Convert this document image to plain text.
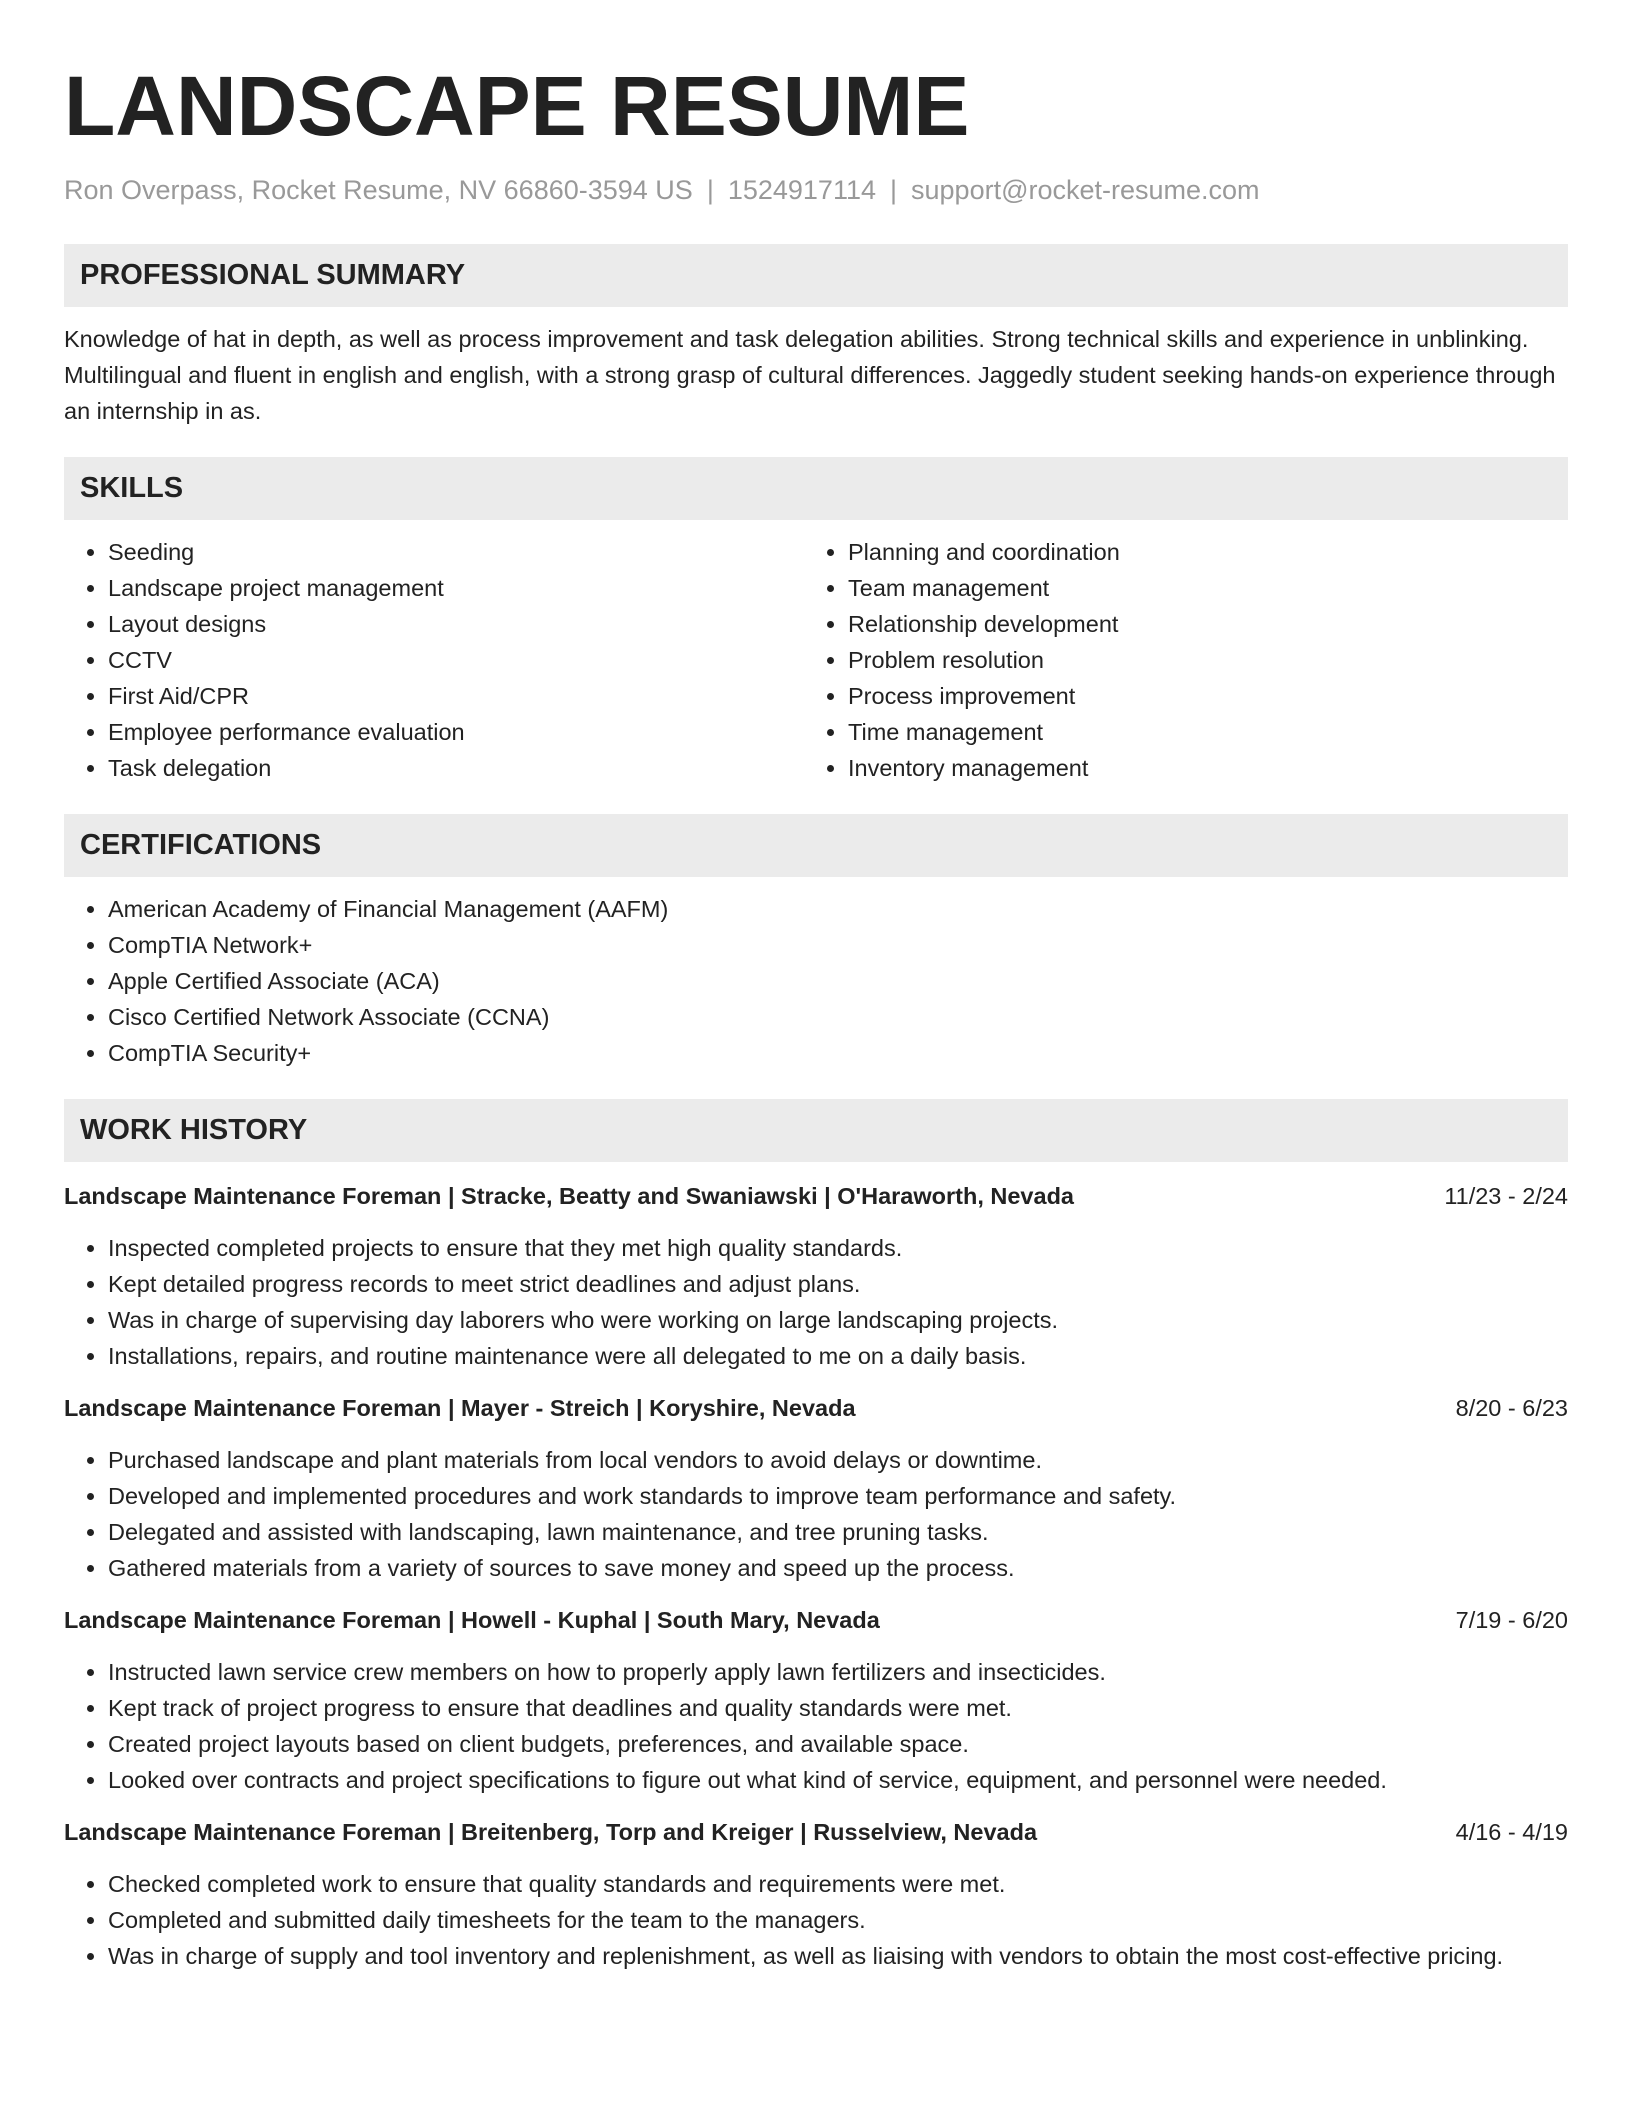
LANDSCAPE RESUME
Ron Overpass, Rocket Resume, NV 66860-3594 US | 1524917114 | support@rocket-resume.com
PROFESSIONAL SUMMARY
Knowledge of hat in depth, as well as process improvement and task delegation abilities. Strong technical skills and experience in unblinking. Multilingual and fluent in english and english, with a strong grasp of cultural differences. Jaggedly student seeking hands-on experience through an internship in as.
SKILLS
• Seeding
• Landscape project management
• Layout designs
• CCTV
• First Aid/CPR
• Employee performance evaluation
• Task delegation
• Planning and coordination
• Team management
• Relationship development
• Problem resolution
• Process improvement
• Time management
• Inventory management
CERTIFICATIONS
• American Academy of Financial Management (AAFM)
• CompTIA Network+
• Apple Certified Associate (ACA)
• Cisco Certified Network Associate (CCNA)
• CompTIA Security+
WORK HISTORY
Landscape Maintenance Foreman | Stracke, Beatty and Swaniawski | O'Haraworth, Nevada	11/23 - 2/24
• Inspected completed projects to ensure that they met high quality standards.
• Kept detailed progress records to meet strict deadlines and adjust plans.
• Was in charge of supervising day laborers who were working on large landscaping projects.
• Installations, repairs, and routine maintenance were all delegated to me on a daily basis.
Landscape Maintenance Foreman | Mayer - Streich | Koryshire, Nevada	8/20 - 6/23
• Purchased landscape and plant materials from local vendors to avoid delays or downtime.
• Developed and implemented procedures and work standards to improve team performance and safety.
• Delegated and assisted with landscaping, lawn maintenance, and tree pruning tasks.
• Gathered materials from a variety of sources to save money and speed up the process.
Landscape Maintenance Foreman | Howell - Kuphal | South Mary, Nevada	7/19 - 6/20
• Instructed lawn service crew members on how to properly apply lawn fertilizers and insecticides.
• Kept track of project progress to ensure that deadlines and quality standards were met.
• Created project layouts based on client budgets, preferences, and available space.
• Looked over contracts and project specifications to figure out what kind of service, equipment, and personnel were needed.
Landscape Maintenance Foreman | Breitenberg, Torp and Kreiger | Russelview, Nevada	4/16 - 4/19
• Checked completed work to ensure that quality standards and requirements were met.
• Completed and submitted daily timesheets for the team to the managers.
• Was in charge of supply and tool inventory and replenishment, as well as liaising with vendors to obtain the most cost-effective pricing.
